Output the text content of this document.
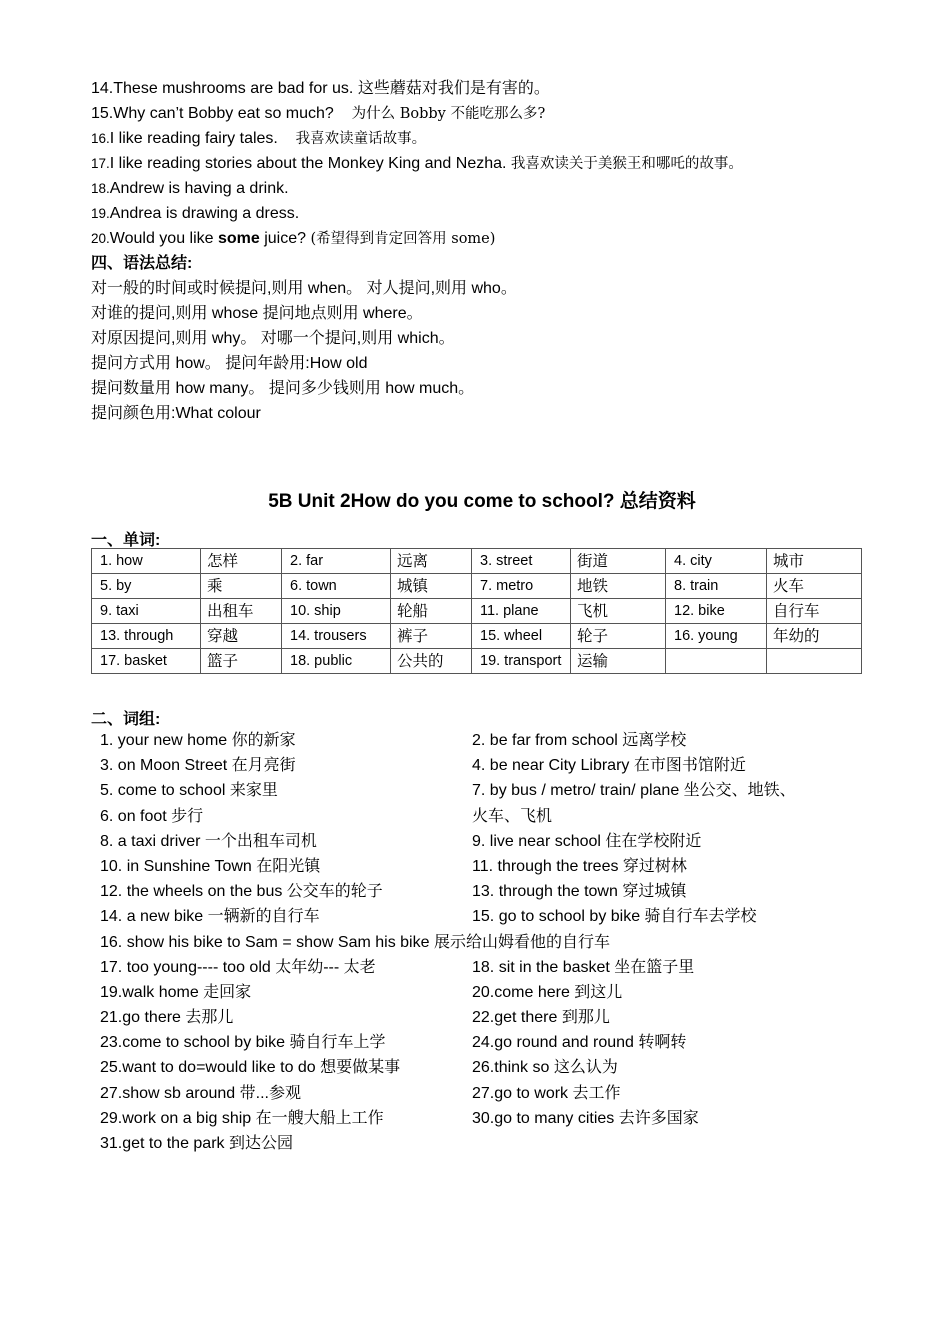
14.These mushrooms are bad for us. 这些蘑菇对我们是有害的。
15.Why can’t Bobby eat so much? 为什么 Bobby 不能吃那么多?
16.I like reading fairy tales. 我喜欢读童话故事。
17.I like reading stories about the Monkey King and Nezha. 我喜欢读关于美猴王和哪吒的故事。
18.Andrew is having a drink.
19.Andrea is drawing a dress.
20.Would you like some juice? (希望得到肯定回答用 some)
四、语法总结:
对一般的时间或时候提问,则用 when。 对人提问,则用 who。
对谁的提问,则用 whose 提问地点则用 where。
对原因提问,则用 why。 对哪一个提问,则用 which。
提问方式用 how。 提问年龄用:How old
提问数量用 how many。 提问多少钱则用 how much。
提问颜色用:What colour
5B Unit 2How do you come to school? 总结资料
一、单词:
1. how	怎样	2. far	远离	3. street	街道	4. city	城市
5. by	乘	6. town	城镇	7. metro	地铁	8. train	火车
9. taxi	出租车	10. ship	轮船	11. plane	飞机	12. bike	自行车
13. through	穿越	14. trousers	裤子	15. wheel	轮子	16. young	年幼的
17. basket	篮子	18. public	公共的	19. transport	运输		
二、词组:
1. your new home 你的新家	2. be far from school 远离学校
3. on Moon Street 在月亮街	4. be near City Library 在市图书馆附近
5. come to school 来家里	7. by bus / metro/ train/ plane 坐公交、地铁、
6. on foot 步行	火车、飞机
8. a taxi driver 一个出租车司机	9. live near school 住在学校附近
10. in Sunshine Town 在阳光镇	11. through the trees 穿过树林
12. the wheels on the bus 公交车的轮子	13. through the town 穿过城镇
14. a new bike 一辆新的自行车	15. go to school by bike 骑自行车去学校
16. show his bike to Sam = show Sam his bike 展示给山姆看他的自行车
17. too young---- too old 太年幼--- 太老	18. sit in the basket 坐在篮子里
19.walk home 走回家	20.come here 到这儿
21.go there 去那儿	22.get there 到那儿
23.come to school by bike 骑自行车上学	24.go round and round 转啊转
25.want to do=would like to do 想要做某事	26.think so 这么认为
27.show sb around 带...参观	27.go to work 去工作
29.work on a big ship 在一艘大船上工作	30.go to many cities 去许多国家
31.get to the park 到达公园
